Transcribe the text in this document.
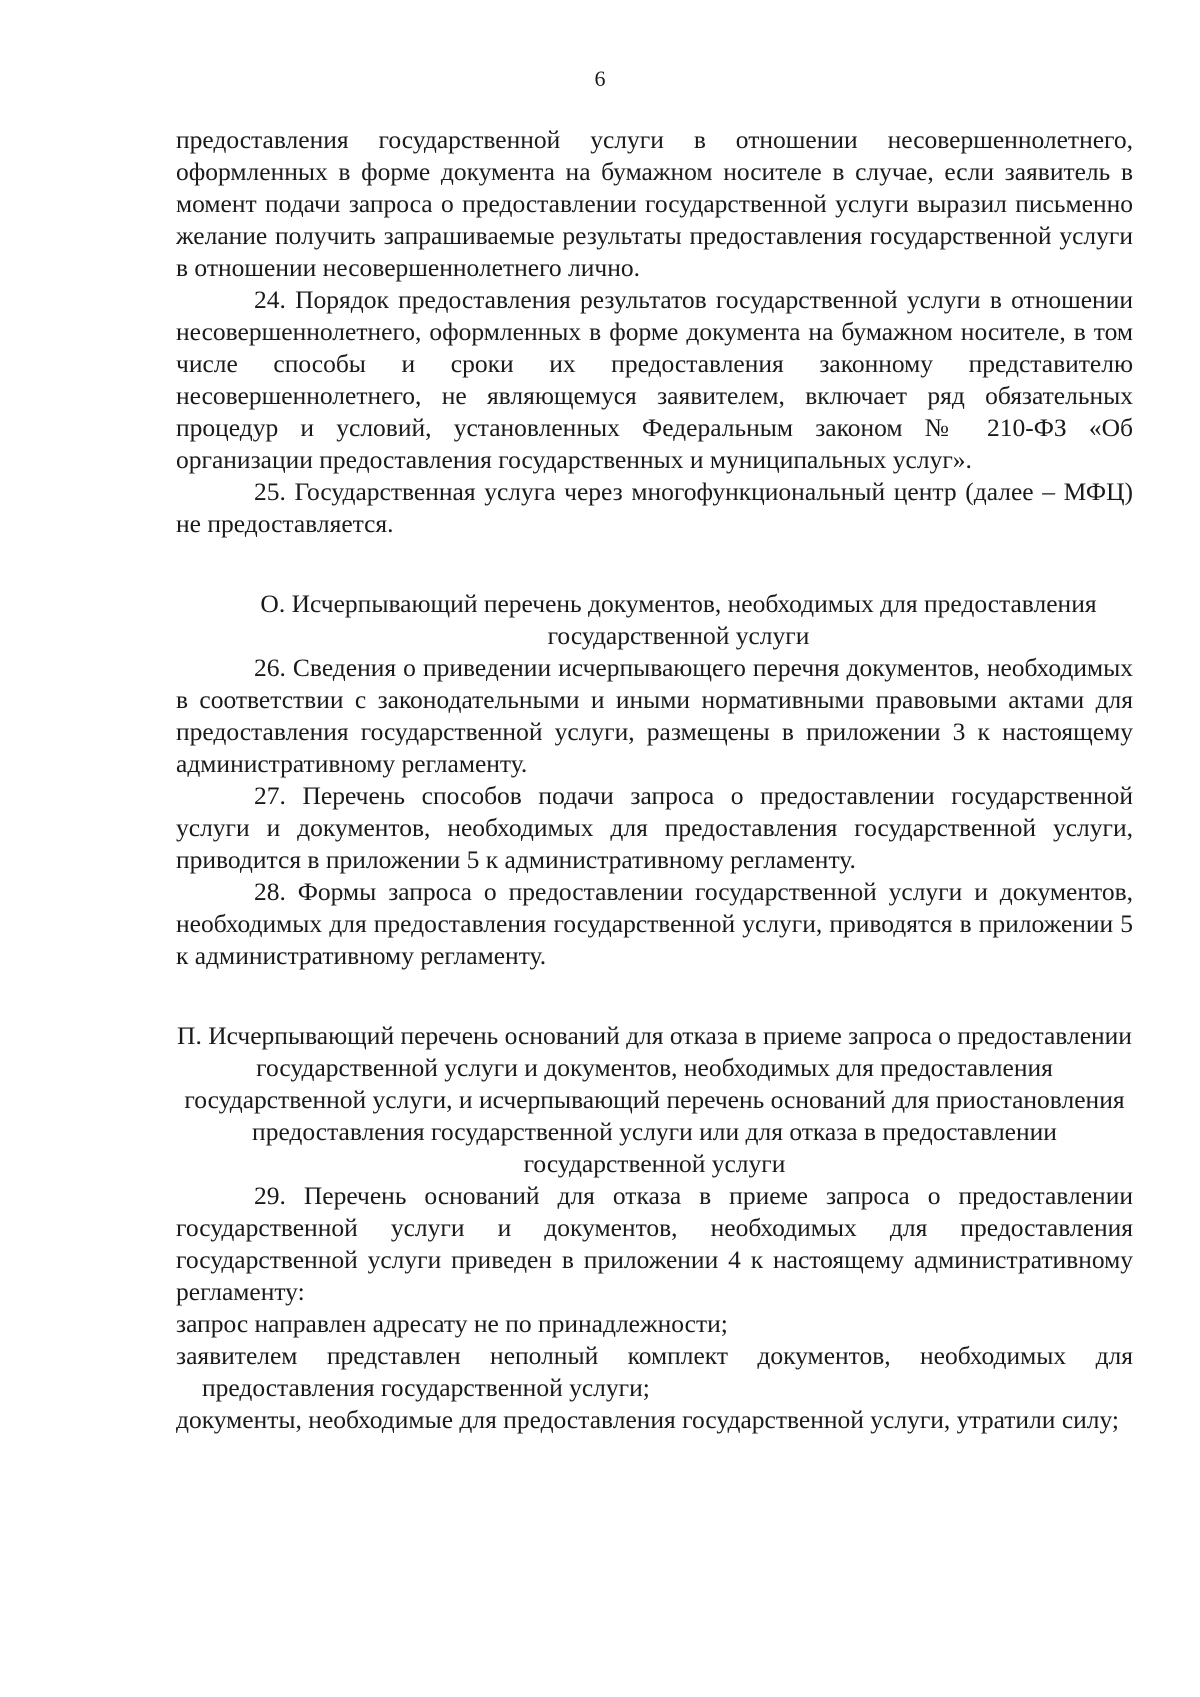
6

предоставления государственной услуги в отношении несовершеннолетнего, оформленных в форме документа на бумажном носителе в случае, если заявитель в момент подачи запроса о предоставлении государственной услуги выразил письменно желание получить запрашиваемые результаты предоставления государственной услуги в отношении несовершеннолетнего лично.

24. Порядок предоставления результатов государственной услуги в отношении несовершеннолетнего, оформленных в форме документа на бумажном носителе, в том числе способы и сроки их предоставления законному представителю несовершеннолетнего, не являющемуся заявителем, включает ряд обязательных процедур и условий, установленных Федеральным законом № 210-ФЗ «Об организации предоставления государственных и муниципальных услуг».

25. Государственная услуга через многофункциональный центр (далее – МФЦ) не предоставляется.

О. Исчерпывающий перечень документов, необходимых для предоставления государственной услуги

26. Сведения о приведении исчерпывающего перечня документов, необходимых в соответствии с законодательными и иными нормативными правовыми актами для предоставления государственной услуги, размещены в приложении 3 к настоящему административному регламенту.

27. Перечень способов подачи запроса о предоставлении государственной услуги и документов, необходимых для предоставления государственной услуги, приводится в приложении 5 к административному регламенту.

28. Формы запроса о предоставлении государственной услуги и документов, необходимых для предоставления государственной услуги, приводятся в приложении 5 к административному регламенту.

П. Исчерпывающий перечень оснований для отказа в приеме запроса о предоставлении государственной услуги и документов, необходимых для предоставления государственной услуги, и исчерпывающий перечень оснований для приостановления предоставления государственной услуги или для отказа в предоставлении государственной услуги

29. Перечень оснований для отказа в приеме запроса о предоставлении государственной услуги и документов, необходимых для предоставления государственной услуги приведен в приложении 4 к настоящему административному регламенту:

запрос направлен адресату не по принадлежности;

заявителем представлен неполный комплект документов, необходимых для предоставления государственной услуги;

документы, необходимые для предоставления государственной услуги, утратили силу;
